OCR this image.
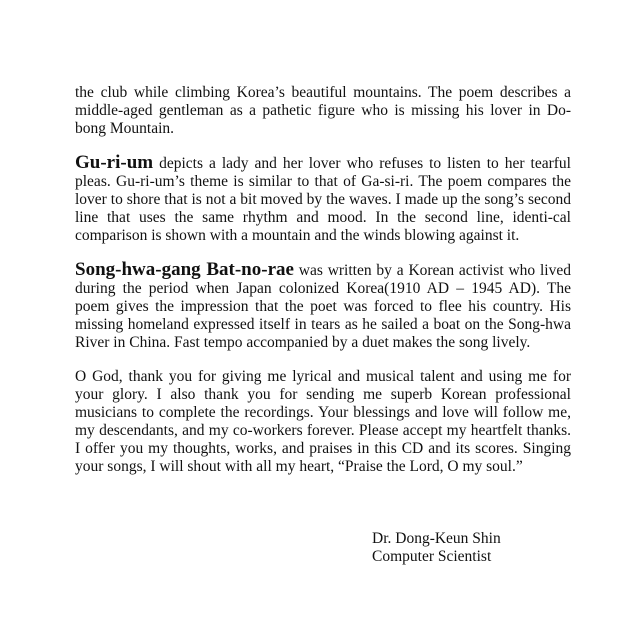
the club while climbing Korea’s beautiful mountains. The poem describes a middle-aged gentleman as a pathetic figure who is missing his lover in Do-bong Mountain.

Gu-ri-um depicts a lady and her lover who refuses to listen to her tearful pleas. Gu-ri-um’s theme is similar to that of Ga-si-ri. The poem compares the lover to shore that is not a bit moved by the waves. I made up the song’s second line that uses the same rhythm and mood. In the second line, identi-cal comparison is shown with a mountain and the winds blowing against it.

Song-hwa-gang Bat-no-rae was written by a Korean activist who lived during the period when Japan colonized Korea(1910 AD – 1945 AD). The poem gives the impression that the poet was forced to flee his country. His missing homeland expressed itself in tears as he sailed a boat on the Song-hwa River in China. Fast tempo accompanied by a duet makes the song lively.

O God, thank you for giving me lyrical and musical talent and using me for your glory. I also thank you for sending me superb Korean professional musicians to complete the recordings. Your blessings and love will follow me, my descendants, and my co-workers forever. Please accept my heartfelt thanks. I offer you my thoughts, works, and praises in this CD and its scores. Singing your songs, I will shout with all my heart, “Praise the Lord, O my soul.”

Dr. Dong-Keun Shin
Computer Scientist
